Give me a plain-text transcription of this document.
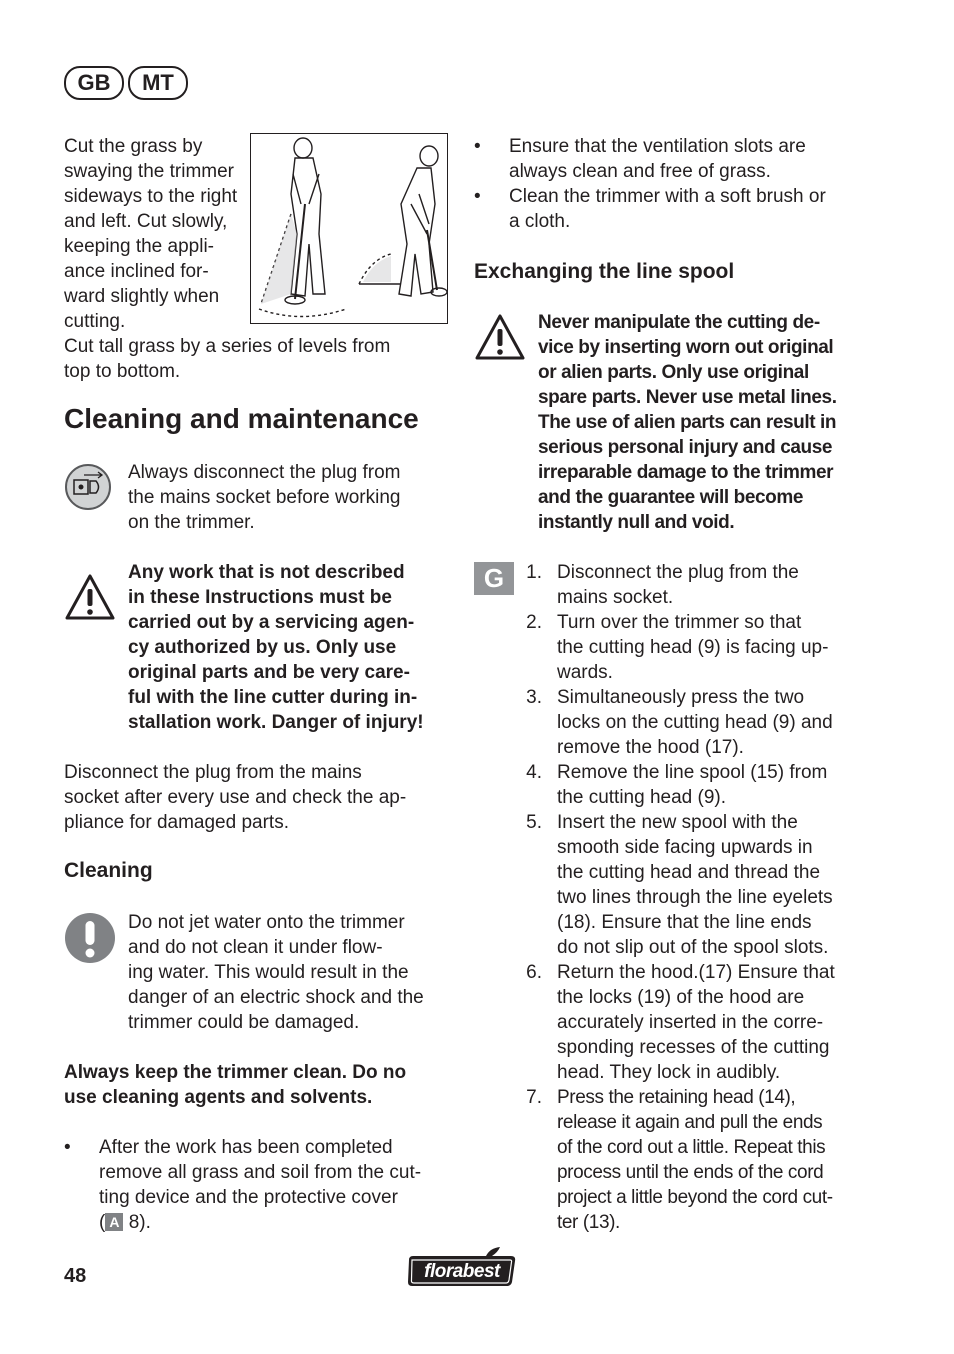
GB	MT
Cut the grass by
swaying the trimmer
sideways to the right
and left. Cut slowly,
keeping the appli-
ance inclined for-
ward slightly when
cutting.
Cut tall grass by a series of levels from
top to bottom.
Cleaning and maintenance
Always disconnect the plug from
the mains socket before working
on the trimmer.
Any work that is not described
in these Instructions must be
carried out by a servicing agen-
cy authorized by us. Only use
original parts and be very care-
ful with the line cutter during in-
stallation work. Danger of injury!
Disconnect the plug from the mains
socket after every use and check the ap-
pliance for damaged parts.
Cleaning
Do not jet water onto the trimmer
and do not clean it under flow-
ing water. This would result in the
danger of an electric shock and the
trimmer could be damaged.
Always keep the trimmer clean. Do no
use cleaning agents and solvents.
• After the work has been completed
remove all grass and soil from the cut-
ting device and the protective cover
( A 8).
• Ensure that the ventilation slots are
always clean and free of grass.
• Clean the trimmer with a soft brush or
a cloth.
Exchanging the line spool
Never manipulate the cutting de-
vice by inserting worn out original
or alien parts. Only use original
spare parts. Never use metal lines.
The use of alien parts can result in
serious personal injury and cause
irreparable damage to the trimmer
and the guarantee will become
instantly null and void.
G	1. Disconnect the plug from the
mains socket.
2. Turn over the trimmer so that
the cutting head (9) is facing up-
wards.
3. Simultaneously press the two
locks on the cutting head (9) and
remove the hood (17).
4. Remove the line spool (15) from
the cutting head (9).
5. Insert the new spool with the
smooth side facing upwards in
the cutting head and thread the
two lines through the line eyelets
(18). Ensure that the line ends
do not slip out of the spool slots.
6. Return the hood.(17) Ensure that
the locks (19) of the hood are
accurately inserted in the corre-
sponding recesses of the cutting
head. They lock in audibly.
7. Press the retaining head (14),
release it again and pull the ends
of the cord out a little. Repeat this
process until the ends of the cord
project a little beyond the cord cut-
ter (13).
48	florabest
